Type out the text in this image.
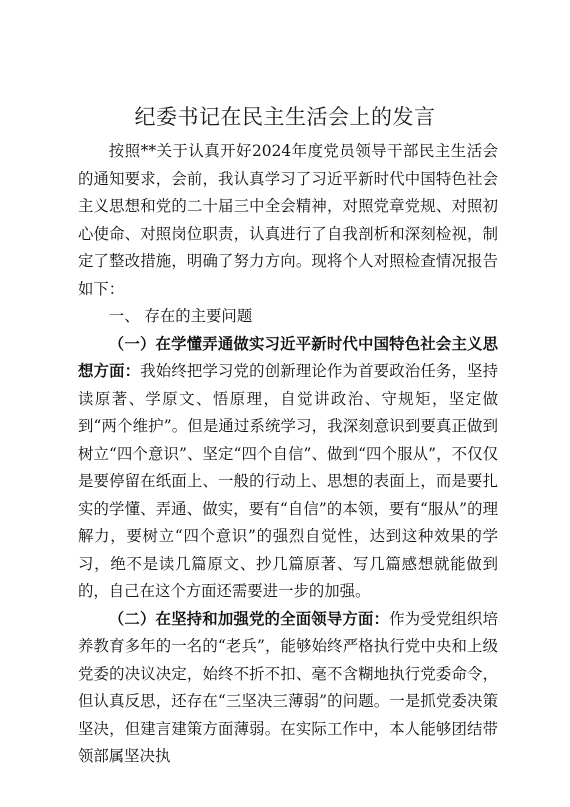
纪委书记在民主生活会上的发言

按照**关于认真开好2024年度党员领导干部民主生活会的通知要求，会前，我认真学习了习近平新时代中国特色社会主义思想和党的二十届三中全会精神，对照党章党规、对照初心使命、对照岗位职责，认真进行了自我剖析和深刻检视，制定了整改措施，明确了努力方向。现将个人对照检查情况报告如下：

一、 存在的主要问题

（一）在学懂弄通做实习近平新时代中国特色社会主义思想方面：我始终把学习党的创新理论作为首要政治任务，坚持读原著、学原文、悟原理，自觉讲政治、守规矩，坚定做到“两个维护”。但是通过系统学习，我深刻意识到要真正做到树立“四个意识”、坚定“四个自信”、做到“四个服从”，不仅仅是要停留在纸面上、一般的行动上、思想的表面上，而是要扎实的学懂、弄通、做实，要有“自信”的本领，要有“服从”的理解力，要树立“四个意识”的强烈自觉性，达到这种效果的学习，绝不是读几篇原文、抄几篇原著、写几篇感想就能做到的，自己在这个方面还需要进一步的加强。

（二）在坚持和加强党的全面领导方面：作为受党组织培养教育多年的一名的“老兵”，能够始终严格执行党中央和上级党委的决议决定，始终不折不扣、毫不含糊地执行党委命令，但认真反思，还存在“三坚决三薄弱”的问题。一是抓党委决策坚决，但建言建策方面薄弱。在实际工作中，本人能够团结带领部属坚决执
